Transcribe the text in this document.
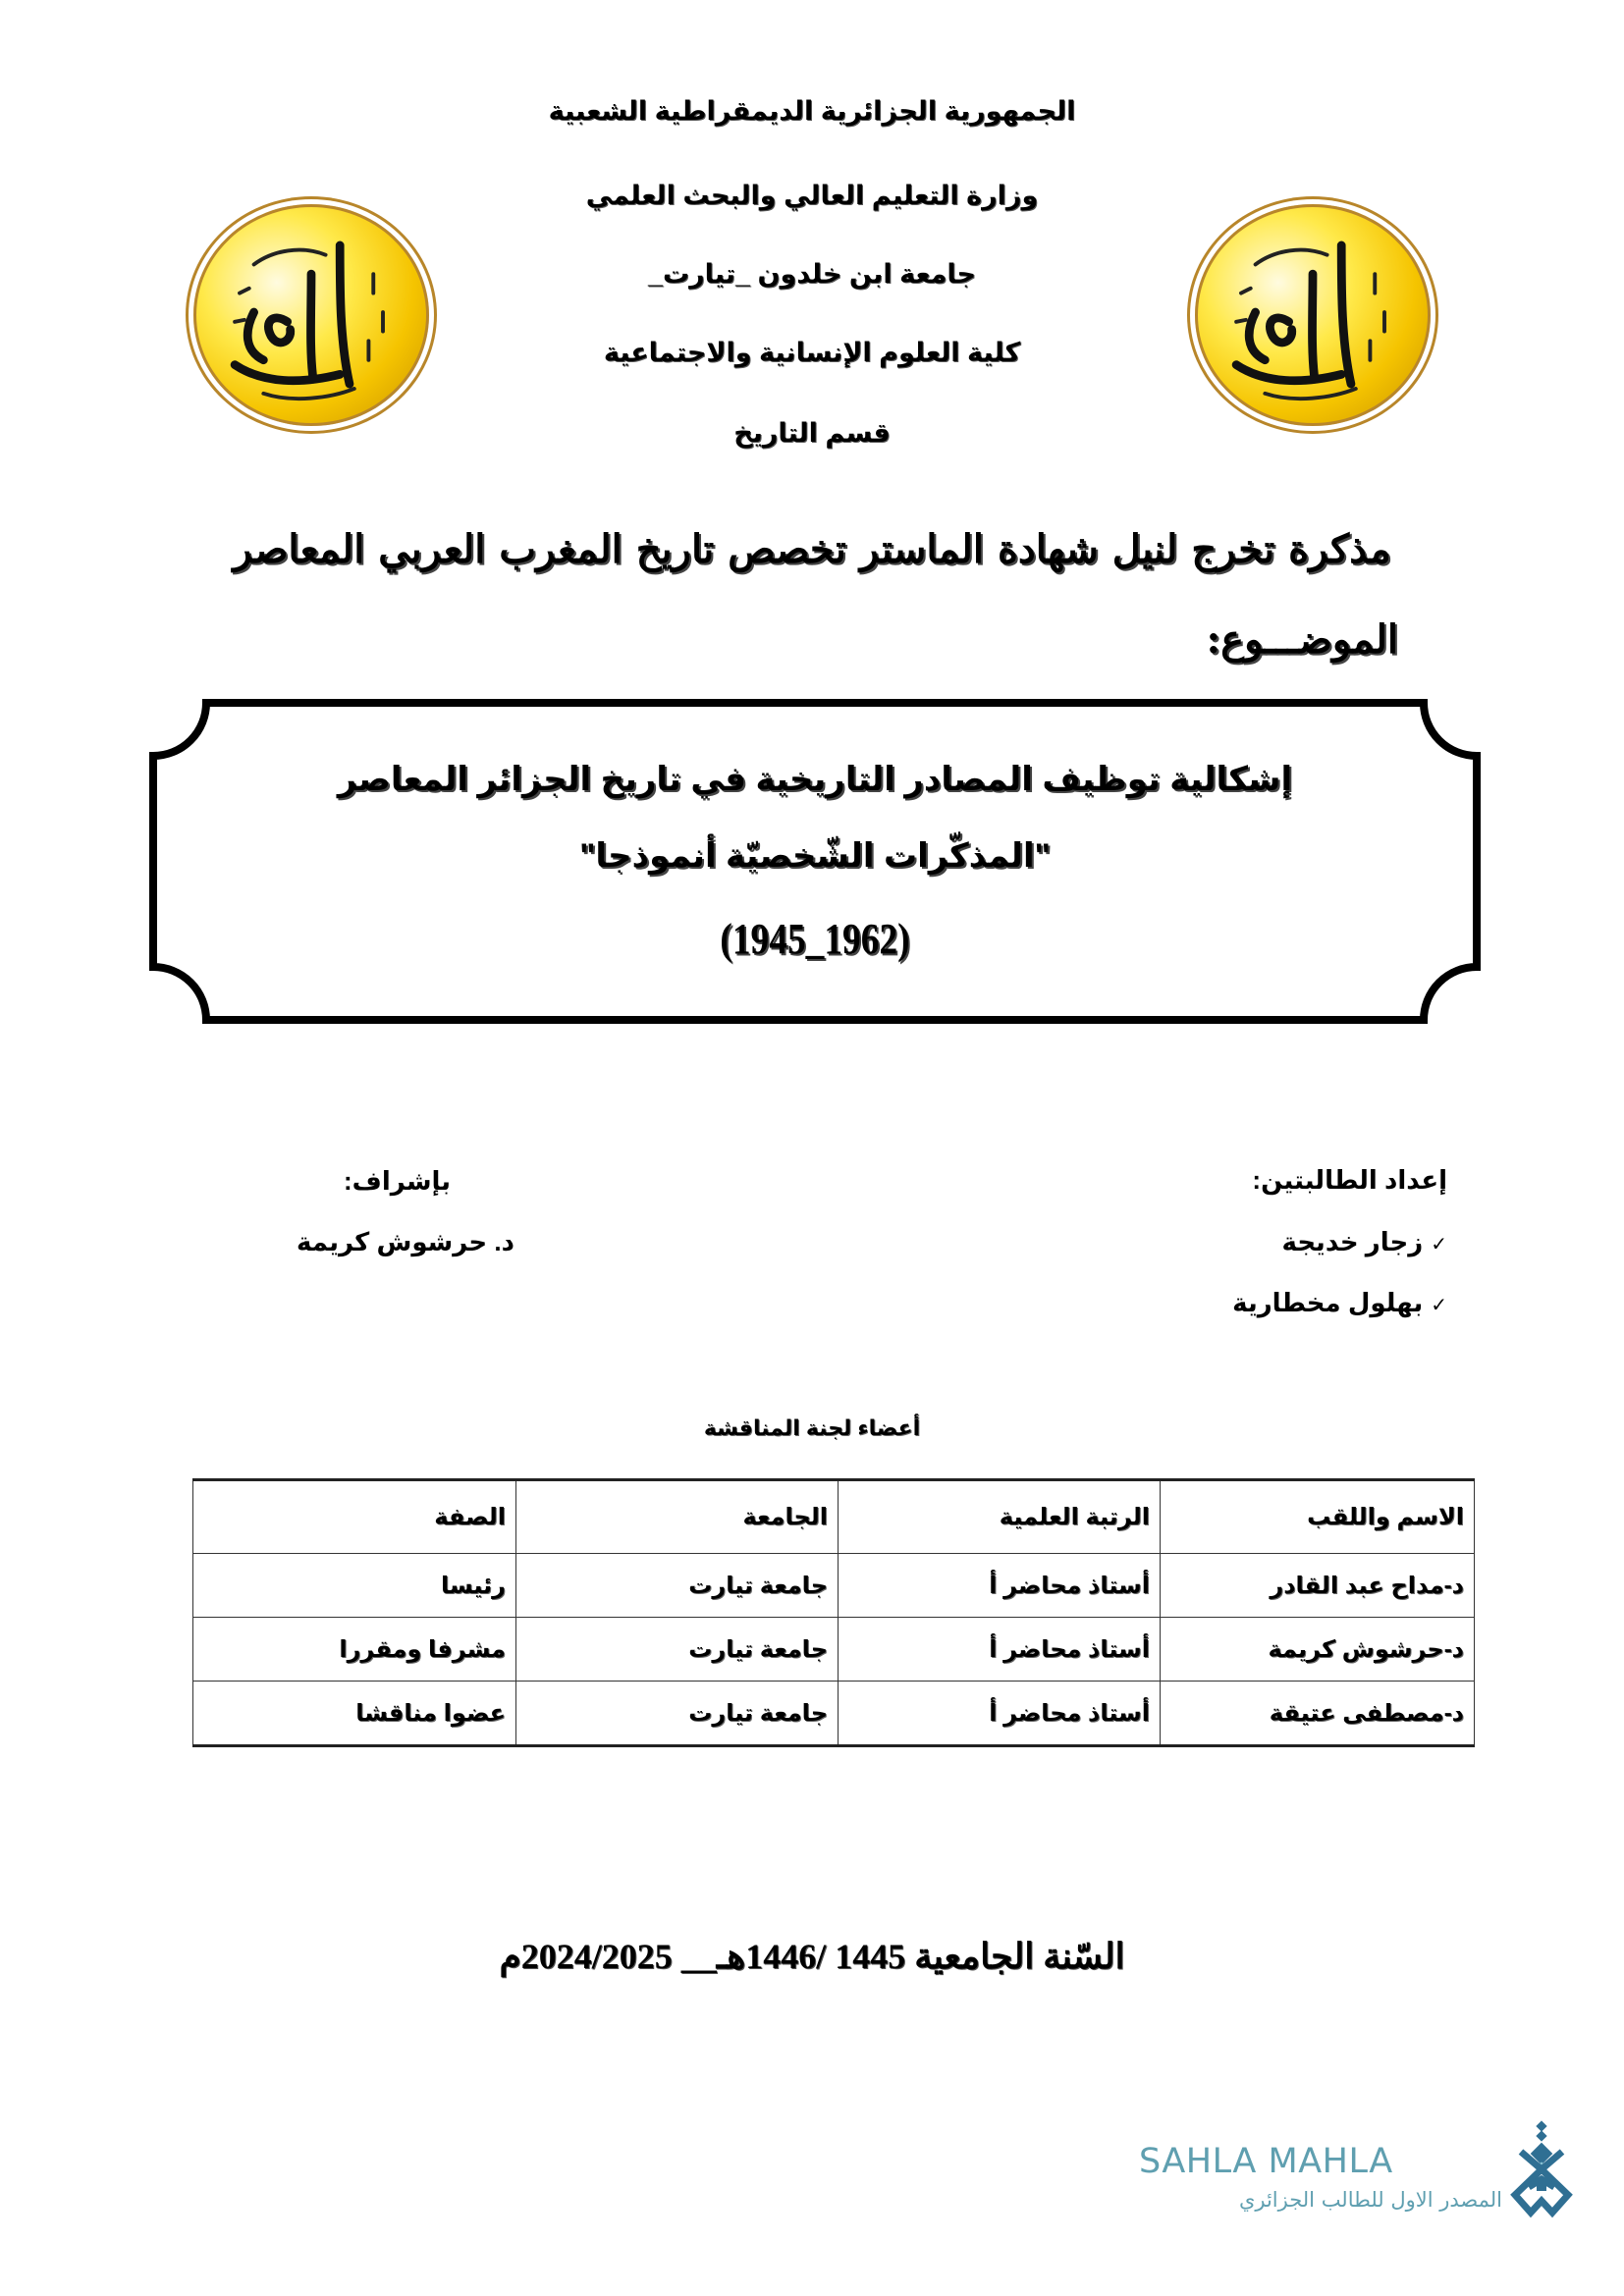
الجمهورية الجزائرية الديمقراطية الشعبية
وزارة التعليم العالي والبحث العلمي
جامعة ابن خلدون _تيارت_
كلية العلوم الإنسانية والاجتماعية
قسم التاريخ
مذكرة تخرج لنيل شهادة الماستر تخصص تاريخ المغرب العربي المعاصر
الموضـــوع:
إشكالية توظيف المصادر التاريخية في تاريخ الجزائر المعاصر
"المذكّرات الشّخصيّة أنموذجا"
(1962_1945)
إعداد الطالبتين:
✓زجار خديجة
✓بهلول مخطارية
بإشراف:
د. حرشوش كريمة
أعضاء لجنة المناقشة
الاسم واللقب	الرتبة العلمية	الجامعة	الصفة
د-مداح عبد القادر	أستاذ محاضر أ	جامعة تيارت	رئيسا
د-حرشوش كريمة	أستاذ محاضر أ	جامعة تيارت	مشرفا ومقررا
د-مصطفى عتيقة	أستاذ محاضر أ	جامعة تيارت	عضوا مناقشا
السّنة الجامعية 1445 /1446هـ__ 2024/2025م
SAHLA MAHLA
المصدر الاول للطالب الجزائري
